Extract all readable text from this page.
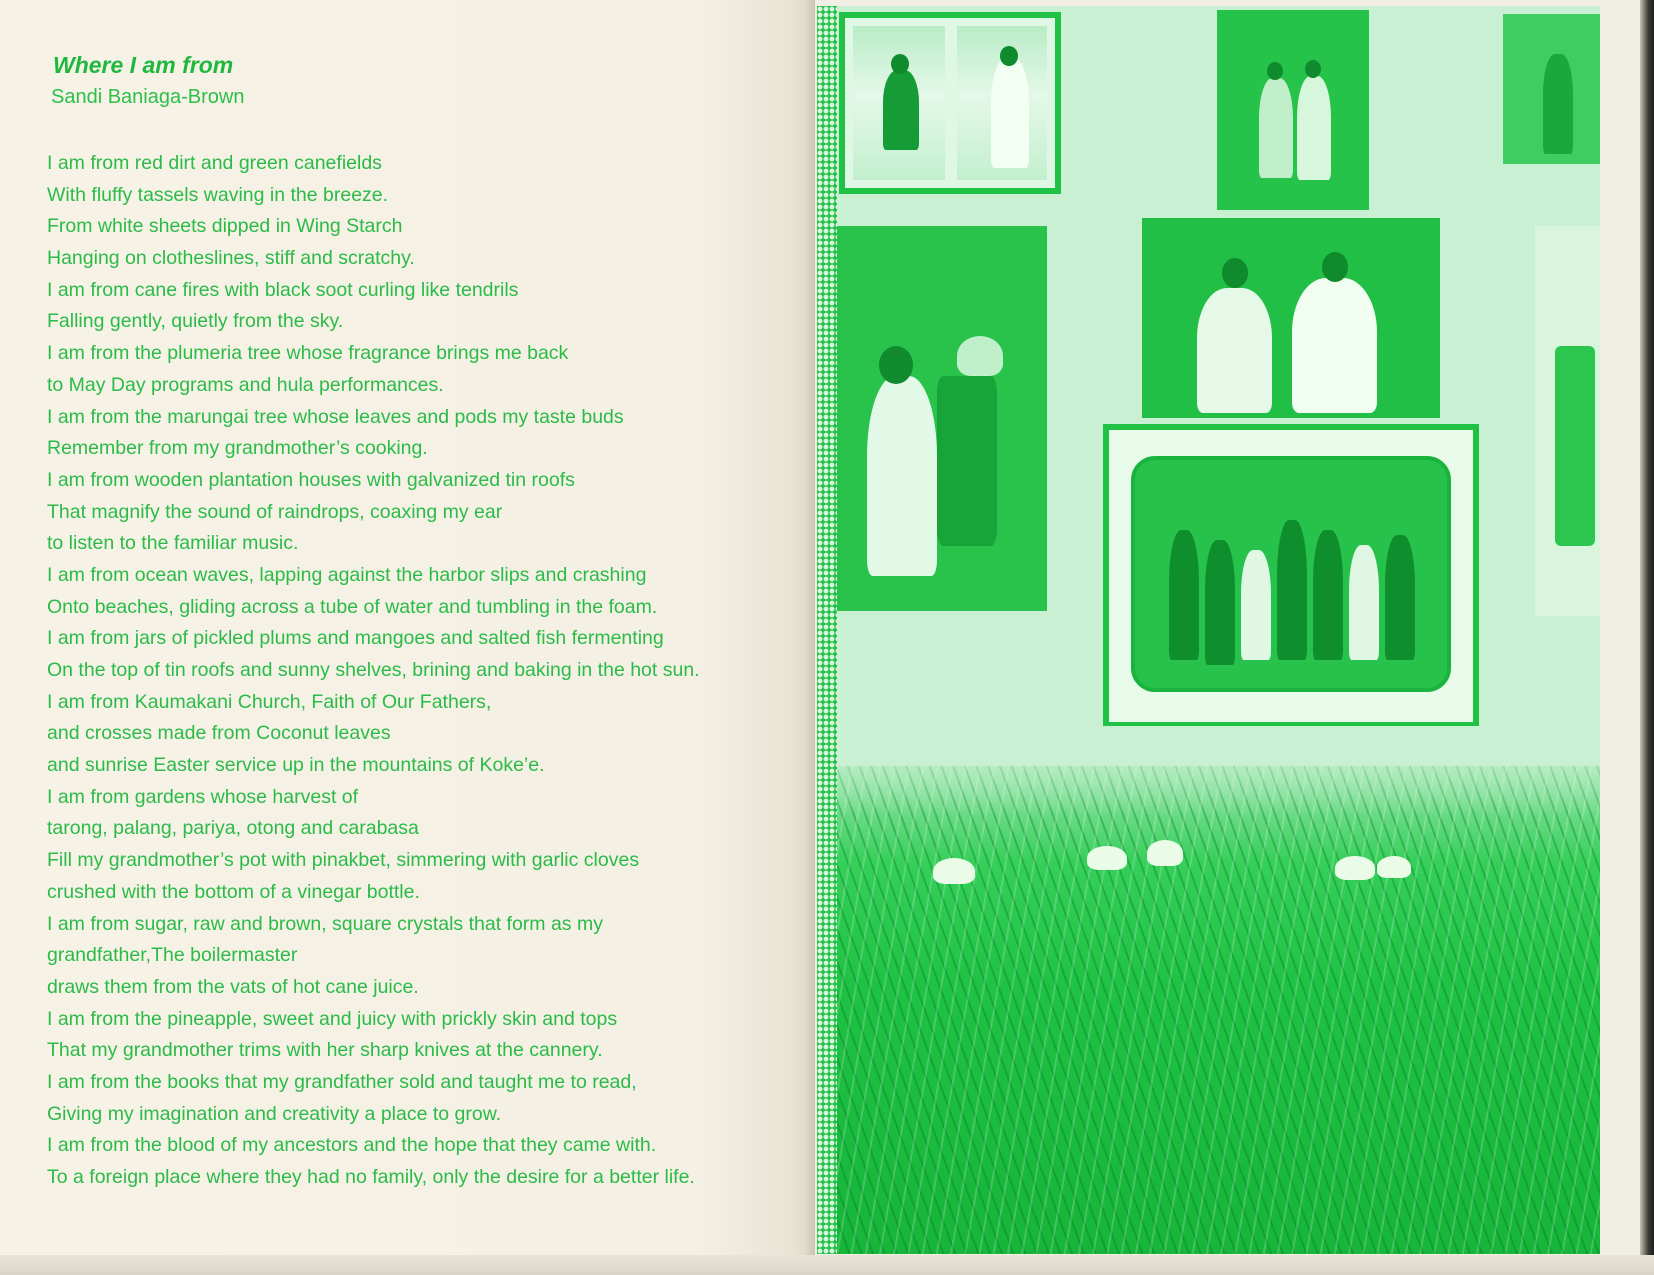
Where I am from

Sandi Baniaga-Brown

I am from red dirt and green canefields
With fluffy tassels waving in the breeze.
From white sheets dipped in Wing Starch
Hanging on clotheslines, stiff and scratchy.
I am from cane fires with black soot curling like tendrils
Falling gently, quietly from the sky.
I am from the plumeria tree whose fragrance brings me back
to May Day programs and hula performances.
I am from the marungai tree whose leaves and pods my taste buds
Remember from my grandmother’s cooking.
I am from wooden plantation houses with galvanized tin roofs
That magnify the sound of raindrops, coaxing my ear
to listen to the familiar music.
I am from ocean waves, lapping against the harbor slips and crashing
Onto beaches, gliding across a tube of water and tumbling in the foam.
I am from jars of pickled plums and mangoes and salted fish fermenting
On the top of tin roofs and sunny shelves, brining and baking in the hot sun.
I am from Kaumakani Church, Faith of Our Fathers,
and crosses made from Coconut leaves
and sunrise Easter service up in the mountains of Koke’e.
I am from gardens whose harvest of
tarong, palang, pariya, otong and carabasa
Fill my grandmother’s pot with pinakbet, simmering with garlic cloves
crushed with the bottom of a vinegar bottle.
I am from sugar, raw and brown, square crystals that form as my
grandfather,The boilermaster
draws them from the vats of hot cane juice.
I am from the pineapple, sweet and juicy with prickly skin and tops
That my grandmother trims with her sharp knives at the cannery.
I am from the books that my grandfather sold and taught me to read,
Giving my imagination and creativity a place to grow.
I am from the blood of my ancestors and the hope that they came with.
To a foreign place where they had no family, only the desire for a better life.
